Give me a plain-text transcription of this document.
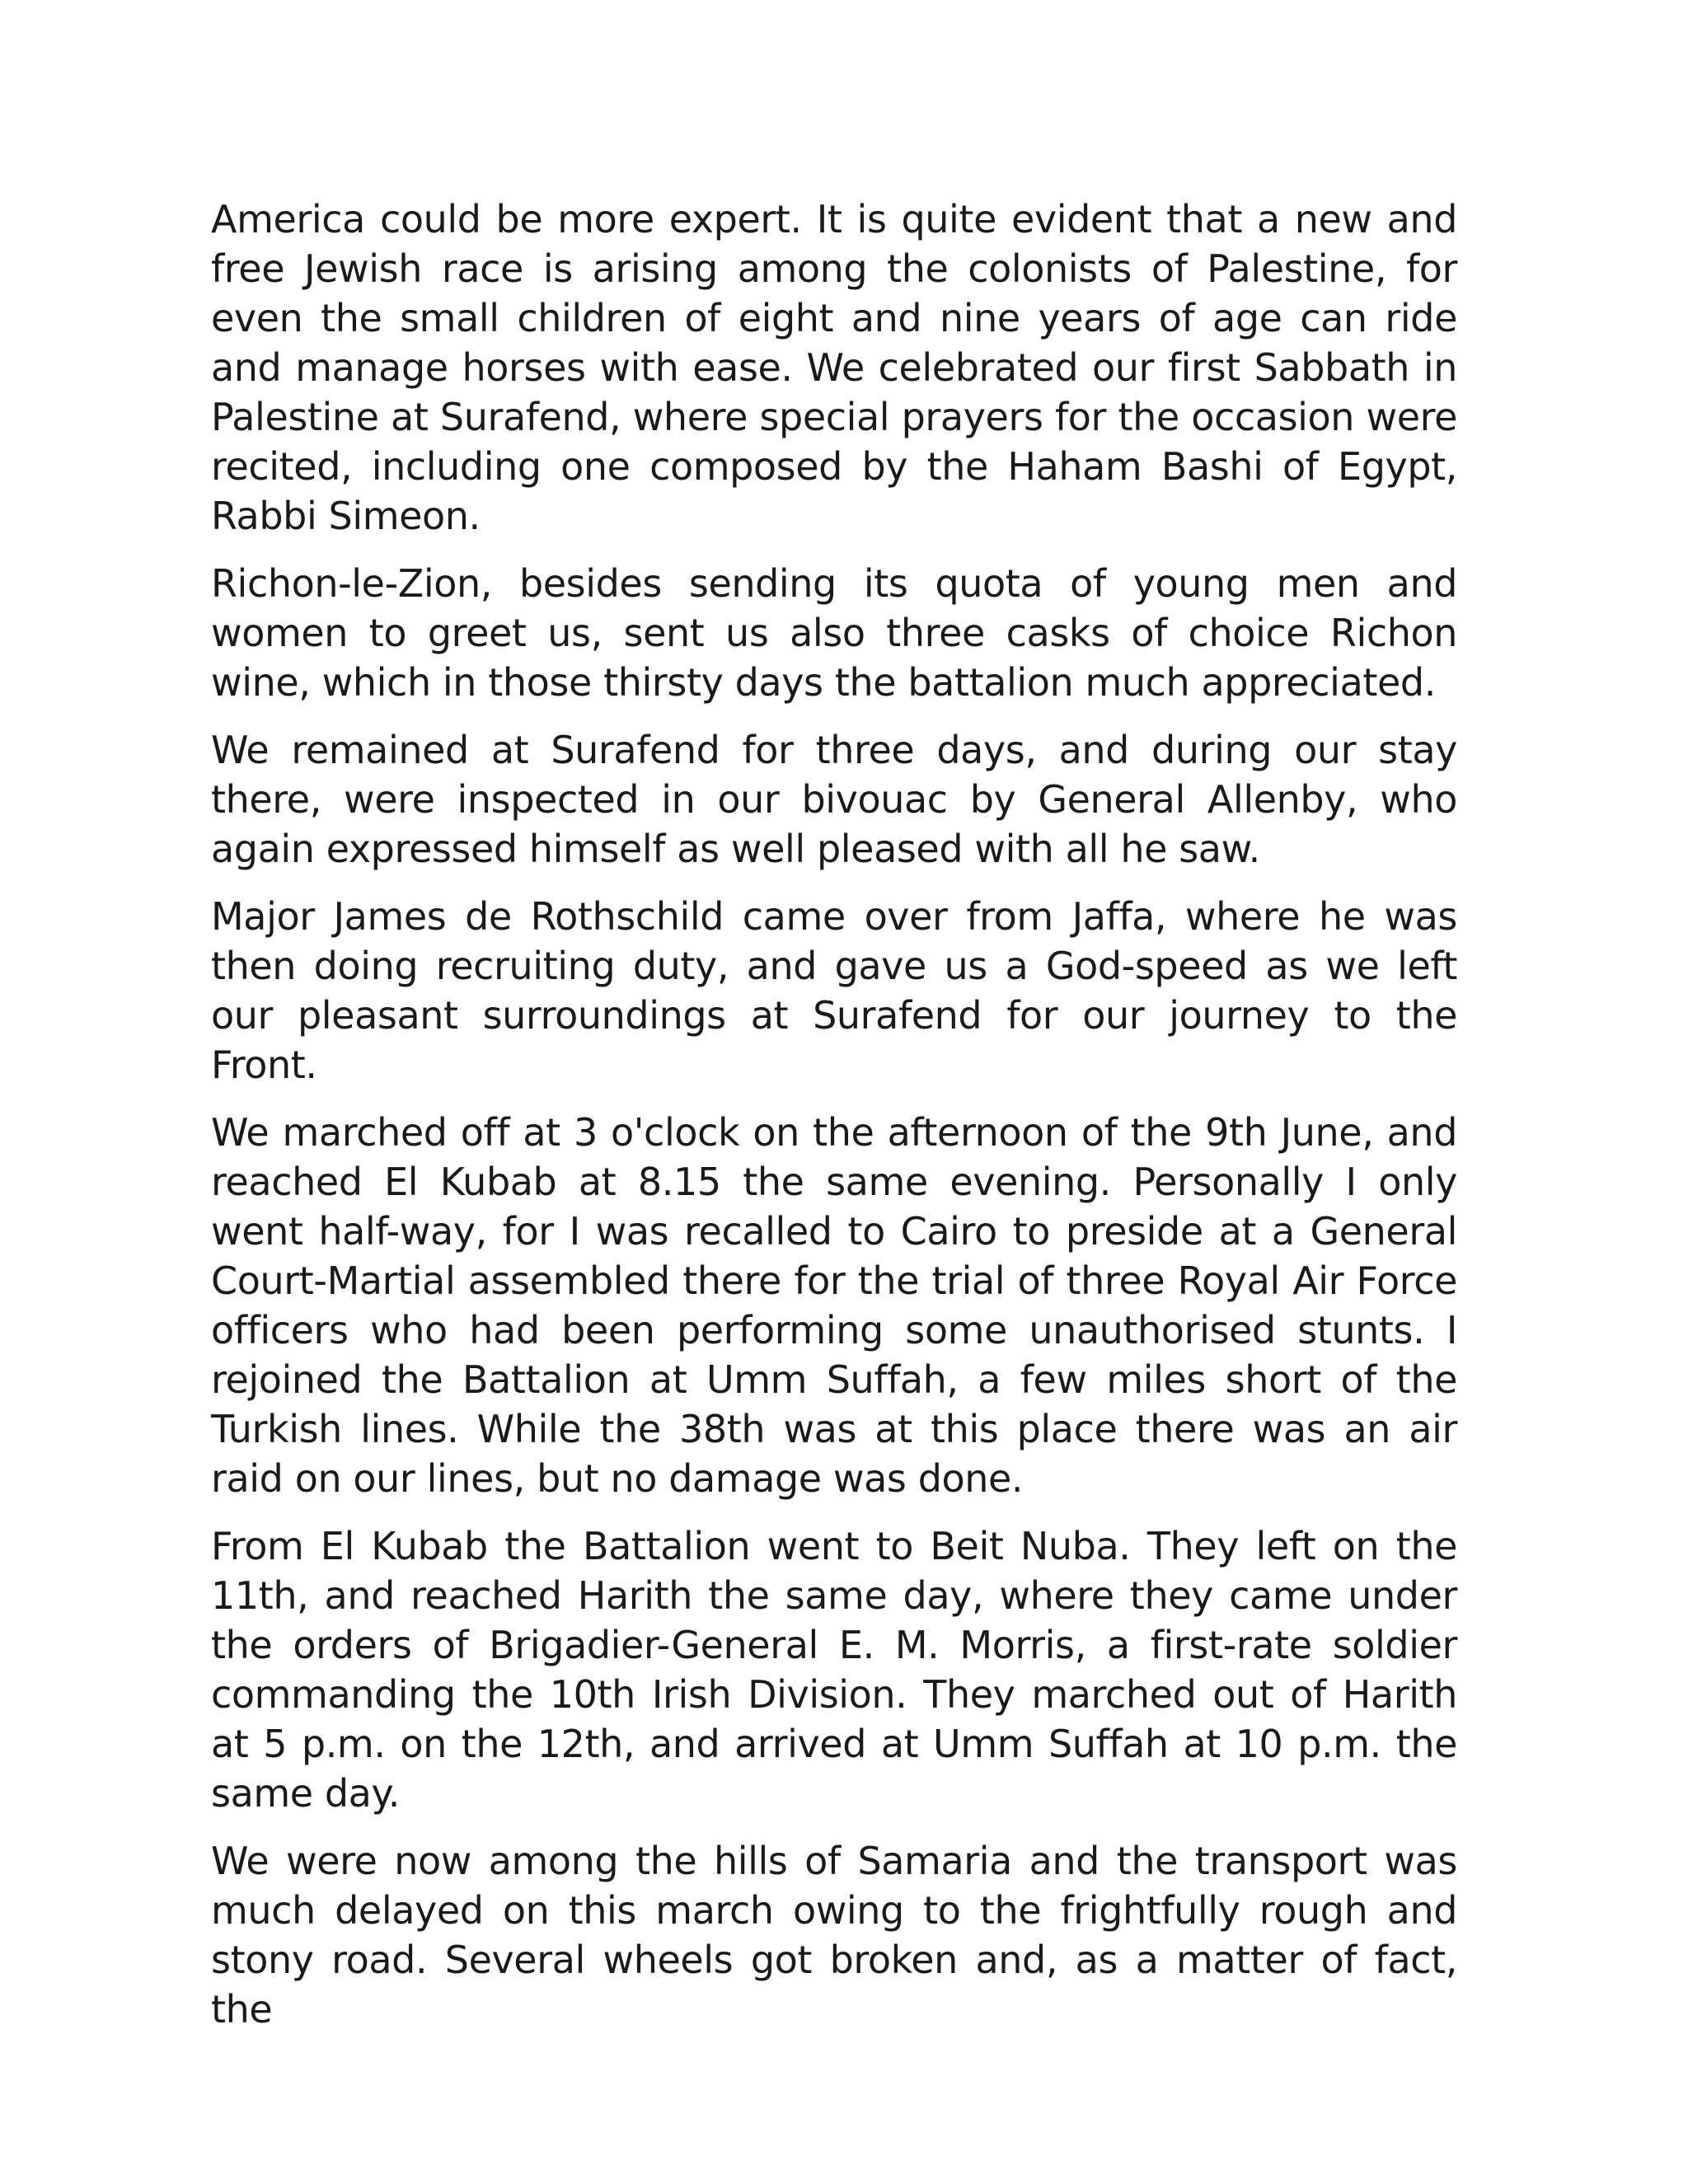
America could be more expert. It is quite evident that a new and free Jewish race is arising among the colonists of Palestine, for even the small children of eight and nine years of age can ride and manage horses with ease. We celebrated our first Sabbath in Palestine at Surafend, where special prayers for the occasion were recited, including one composed by the Haham Bashi of Egypt, Rabbi Simeon.

Richon-le-Zion, besides sending its quota of young men and women to greet us, sent us also three casks of choice Richon wine, which in those thirsty days the battalion much appreciated.

We remained at Surafend for three days, and during our stay there, were inspected in our bivouac by General Allenby, who again expressed himself as well pleased with all he saw.

Major James de Rothschild came over from Jaffa, where he was then doing recruiting duty, and gave us a God-speed as we left our pleasant surroundings at Surafend for our journey to the Front.

We marched off at 3 o'clock on the afternoon of the 9th June, and reached El Kubab at 8.15 the same evening. Personally I only went half-way, for I was recalled to Cairo to preside at a General Court-Martial assembled there for the trial of three Royal Air Force officers who had been performing some unauthorised stunts. I rejoined the Battalion at Umm Suffah, a few miles short of the Turkish lines. While the 38th was at this place there was an air raid on our lines, but no damage was done.

From El Kubab the Battalion went to Beit Nuba. They left on the 11th, and reached Harith the same day, where they came under the orders of Brigadier-General E. M. Morris, a first-rate soldier commanding the 10th Irish Division. They marched out of Harith at 5 p.m. on the 12th, and arrived at Umm Suffah at 10 p.m. the same day.

We were now among the hills of Samaria and the transport was much delayed on this march owing to the frightfully rough and stony road. Several wheels got broken and, as a matter of fact, the
